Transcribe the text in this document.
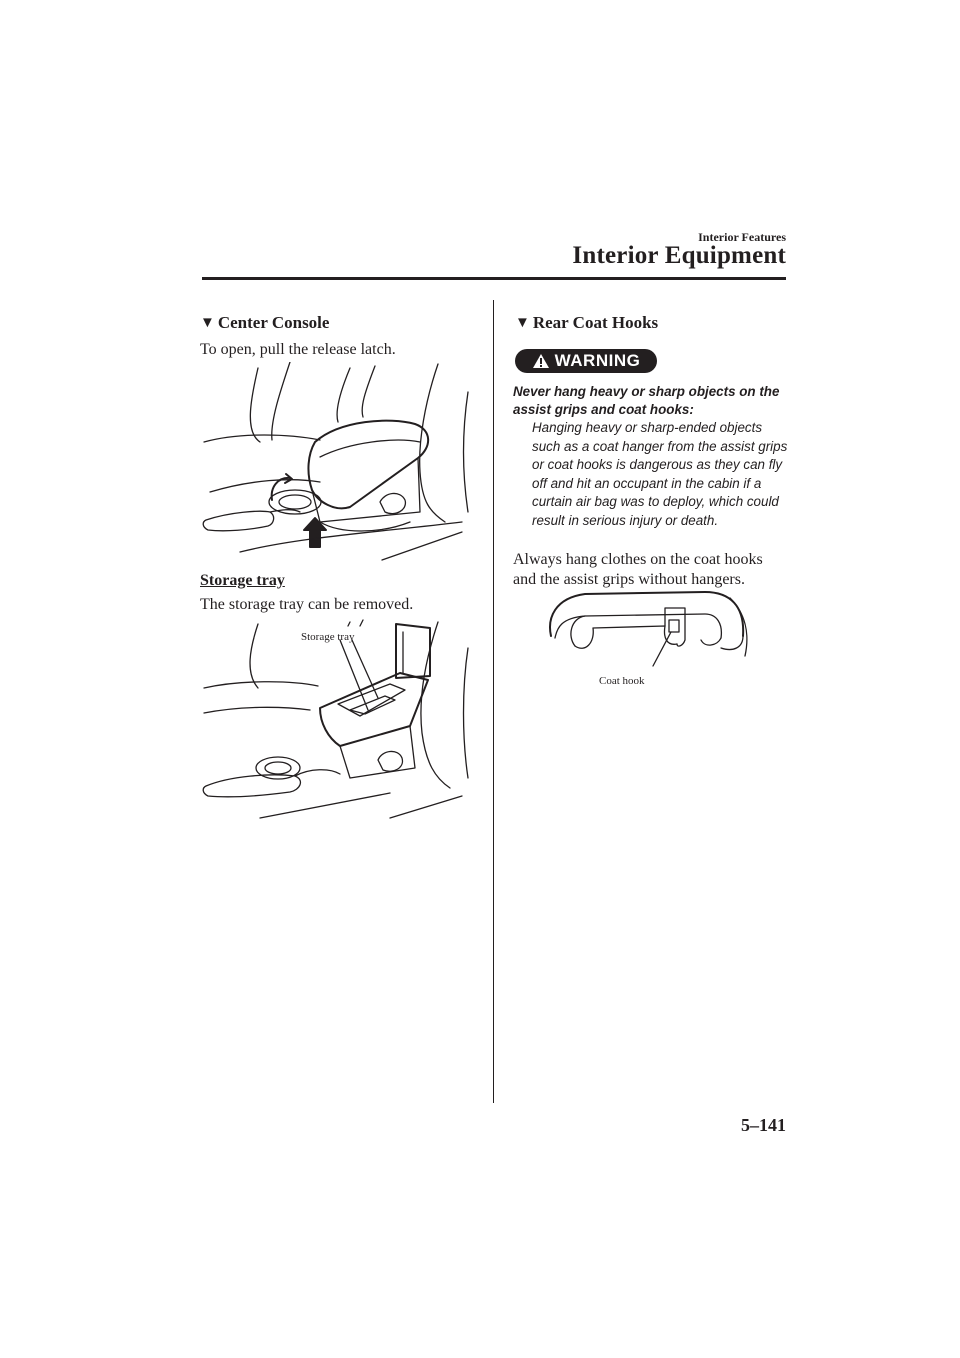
Interior Features
Interior Equipment
▼ Center Console
To open, pull the release latch.
Storage tray
The storage tray can be removed.
Storage tray
▼ Rear Coat Hooks
WARNING
Never hang heavy or sharp objects on the assist grips and coat hooks:
Hanging heavy or sharp-ended objects such as a coat hanger from the assist grips or coat hooks is dangerous as they can fly off and hit an occupant in the cabin if a curtain air bag was to deploy, which could result in serious injury or death.
Always hang clothes on the coat hooks and the assist grips without hangers.
Coat hook
5–141
